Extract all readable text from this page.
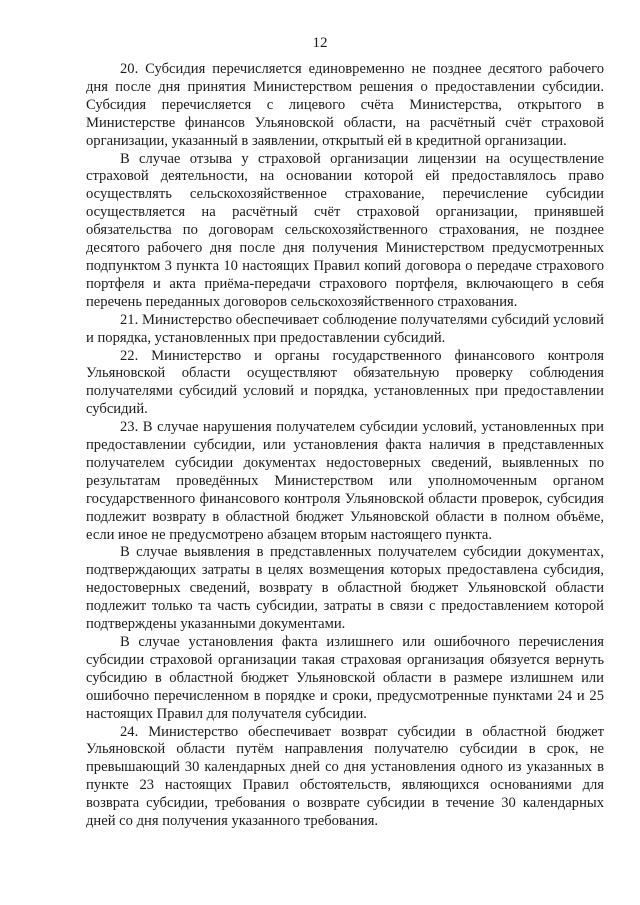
12

20. Субсидия перечисляется единовременно не позднее десятого рабочего дня после дня принятия Министерством решения о предоставлении субсидии. Субсидия перечисляется с лицевого счёта Министерства, открытого в Министерстве финансов Ульяновской области, на расчётный счёт страховой организации, указанный в заявлении, открытый ей в кредитной организации.

В случае отзыва у страховой организации лицензии на осуществление страховой деятельности, на основании которой ей предоставлялось право осуществлять сельскохозяйственное страхование, перечисление субсидии осуществляется на расчётный счёт страховой организации, принявшей обязательства по договорам сельскохозяйственного страхования, не позднее десятого рабочего дня после дня получения Министерством предусмотренных подпунктом 3 пункта 10 настоящих Правил копий договора о передаче страхового портфеля и акта приёма-передачи страхового портфеля, включающего в себя перечень переданных договоров сельскохозяйственного страхования.

21. Министерство обеспечивает соблюдение получателями субсидий условий и порядка, установленных при предоставлении субсидий.

22. Министерство и органы государственного финансового контроля Ульяновской области осуществляют обязательную проверку соблюдения получателями субсидий условий и порядка, установленных при предоставлении субсидий.

23. В случае нарушения получателем субсидии условий, установленных при предоставлении субсидии, или установления факта наличия в представленных получателем субсидии документах недостоверных сведений, выявленных по результатам проведённых Министерством или уполномоченным органом государственного финансового контроля Ульяновской области проверок, субсидия подлежит возврату в областной бюджет Ульяновской области в полном объёме, если иное не предусмотрено абзацем вторым настоящего пункта.

В случае выявления в представленных получателем субсидии документах, подтверждающих затраты в целях возмещения которых предоставлена субсидия, недостоверных сведений, возврату в областной бюджет Ульяновской области подлежит только та часть субсидии, затраты в связи с предоставлением которой подтверждены указанными документами.

В случае установления факта излишнего или ошибочного перечисления субсидии страховой организации такая страховая организация обязуется вернуть субсидию в областной бюджет Ульяновской области в размере излишнем или ошибочно перечисленном в порядке и сроки, предусмотренные пунктами 24 и 25 настоящих Правил для получателя субсидии.

24. Министерство обеспечивает возврат субсидии в областной бюджет Ульяновской области путём направления получателю субсидии в срок, не превышающий 30 календарных дней со дня установления одного из указанных в пункте 23 настоящих Правил обстоятельств, являющихся основаниями для возврата субсидии, требования о возврате субсидии в течение 30 календарных дней со дня получения указанного требования.
